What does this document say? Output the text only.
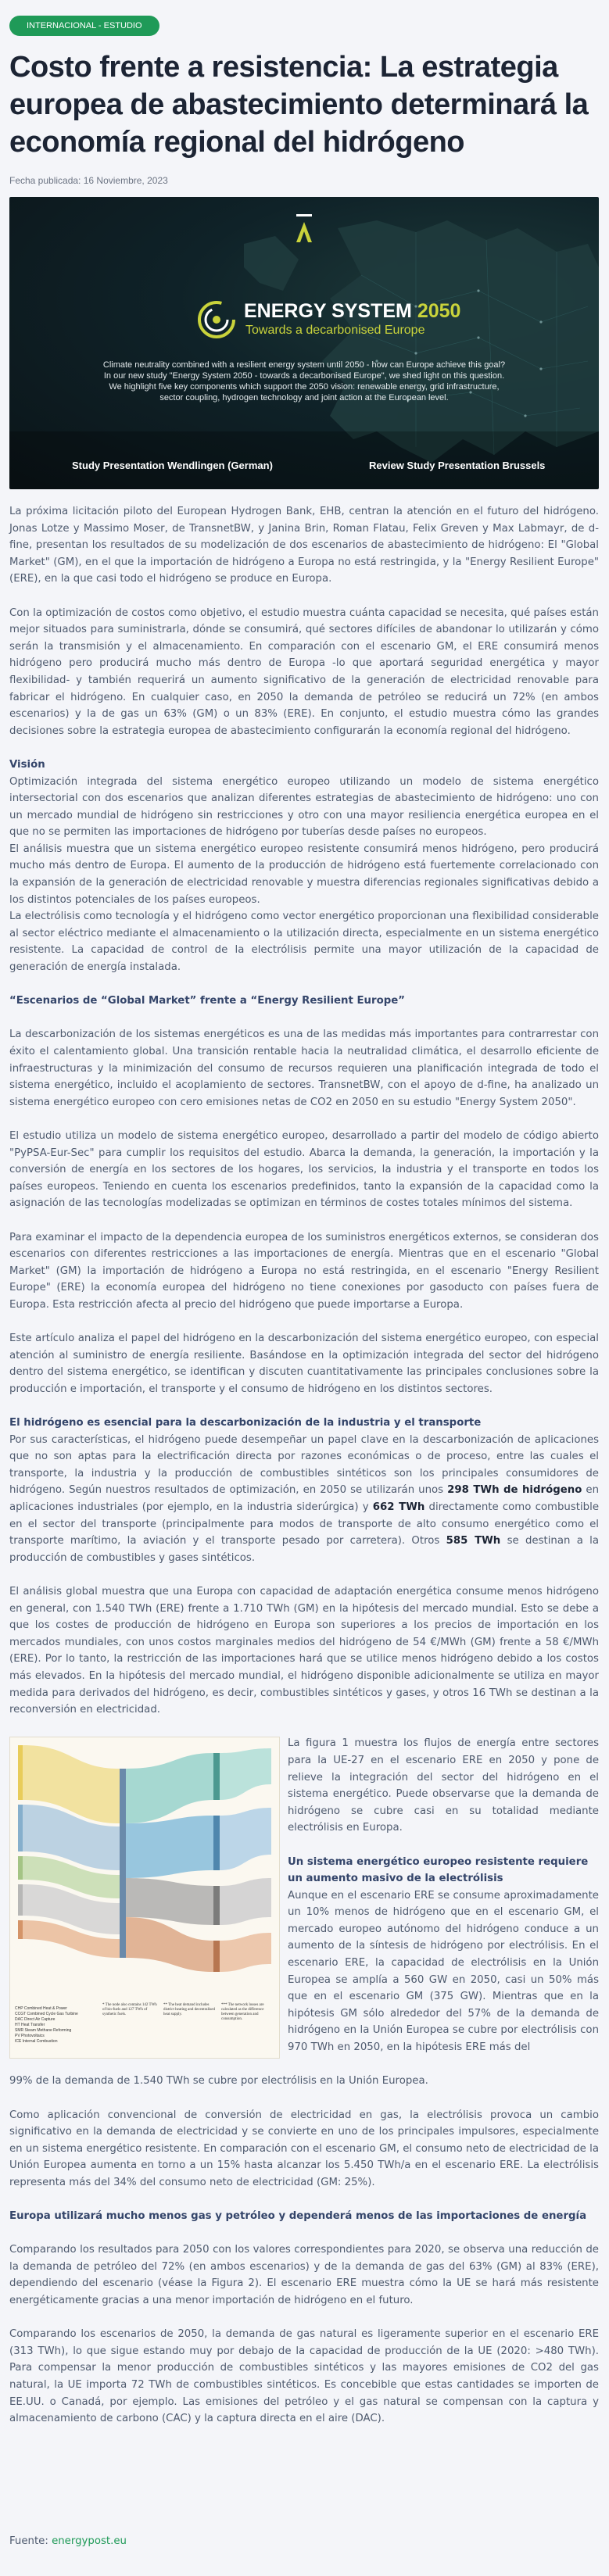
INTERNACIONAL - ESTUDIO
Costo frente a resistencia: La estrategia europea de abastecimiento determinará la economía regional del hidrógeno
Fecha publicada: 16 Noviembre, 2023
ENERGY SYSTEM 2050
Towards a decarbonised Europe
Climate neutrality combined with a resilient energy system until 2050 - how can Europe achieve this goal? In our new study "Energy System 2050 - towards a decarbonised Europe", we shed light on this question. We highlight five key components which support the 2050 vision: renewable energy, grid infrastructure, sector coupling, hydrogen technology and joint action at the European level.
Study Presentation Wendlingen (German)	Review Study Presentation Brussels

La próxima licitación piloto del European Hydrogen Bank, EHB, centran la atención en el futuro del hidrógeno. Jonas Lotze y Massimo Moser, de TransnetBW, y Janina Brin, Roman Flatau, Felix Greven y Max Labmayr, de d-fine, presentan los resultados de su modelización de dos escenarios de abastecimiento de hidrógeno: El "Global Market" (GM), en el que la importación de hidrógeno a Europa no está restringida, y la "Energy Resilient Europe" (ERE), en la que casi todo el hidrógeno se produce en Europa.

Con la optimización de costos como objetivo, el estudio muestra cuánta capacidad se necesita, qué países están mejor situados para suministrarla, dónde se consumirá, qué sectores difíciles de abandonar lo utilizarán y cómo serán la transmisión y el almacenamiento. En comparación con el escenario GM, el ERE consumirá menos hidrógeno pero producirá mucho más dentro de Europa -lo que aportará seguridad energética y mayor flexibilidad- y también requerirá un aumento significativo de la generación de electricidad renovable para fabricar el hidrógeno. En cualquier caso, en 2050 la demanda de petróleo se reducirá un 72% (en ambos escenarios) y la de gas un 63% (GM) o un 83% (ERE). En conjunto, el estudio muestra cómo las grandes decisiones sobre la estrategia europea de abastecimiento configurarán la economía regional del hidrógeno.

Visión

Optimización integrada del sistema energético europeo utilizando un modelo de sistema energético intersectorial con dos escenarios que analizan diferentes estrategias de abastecimiento de hidrógeno: uno con un mercado mundial de hidrógeno sin restricciones y otro con una mayor resiliencia energética europea en el que no se permiten las importaciones de hidrógeno por tuberías desde países no europeos.

El análisis muestra que un sistema energético europeo resistente consumirá menos hidrógeno, pero producirá mucho más dentro de Europa. El aumento de la producción de hidrógeno está fuertemente correlacionado con la expansión de la generación de electricidad renovable y muestra diferencias regionales significativas debido a los distintos potenciales de los países europeos.

La electrólisis como tecnología y el hidrógeno como vector energético proporcionan una flexibilidad considerable al sector eléctrico mediante el almacenamiento o la utilización directa, especialmente en un sistema energético resistente. La capacidad de control de la electrólisis permite una mayor utilización de la capacidad de generación de energía instalada.

“Escenarios de “Global Market” frente a “Energy Resilient Europe”

La descarbonización de los sistemas energéticos es una de las medidas más importantes para contrarrestar con éxito el calentamiento global. Una transición rentable hacia la neutralidad climática, el desarrollo eficiente de infraestructuras y la minimización del consumo de recursos requieren una planificación integrada de todo el sistema energético, incluido el acoplamiento de sectores. TransnetBW, con el apoyo de d-fine, ha analizado un sistema energético europeo con cero emisiones netas de CO2 en 2050 en su estudio "Energy System 2050".

El estudio utiliza un modelo de sistema energético europeo, desarrollado a partir del modelo de código abierto "PyPSA-Eur-Sec" para cumplir los requisitos del estudio. Abarca la demanda, la generación, la importación y la conversión de energía en los sectores de los hogares, los servicios, la industria y el transporte en todos los países europeos. Teniendo en cuenta los escenarios predefinidos, tanto la expansión de la capacidad como la asignación de las tecnologías modelizadas se optimizan en términos de costes totales mínimos del sistema.

Para examinar el impacto de la dependencia europea de los suministros energéticos externos, se consideran dos escenarios con diferentes restricciones a las importaciones de energía. Mientras que en el escenario "Global Market" (GM) la importación de hidrógeno a Europa no está restringida, en el escenario "Energy Resilient Europe" (ERE) la economía europea del hidrógeno no tiene conexiones por gasoducto con países fuera de Europa. Esta restricción afecta al precio del hidrógeno que puede importarse a Europa.

Este artículo analiza el papel del hidrógeno en la descarbonización del sistema energético europeo, con especial atención al suministro de energía resiliente. Basándose en la optimización integrada del sector del hidrógeno dentro del sistema energético, se identifican y discuten cuantitativamente las principales conclusiones sobre la producción e importación, el transporte y el consumo de hidrógeno en los distintos sectores.

El hidrógeno es esencial para la descarbonización de la industria y el transporte

Por sus características, el hidrógeno puede desempeñar un papel clave en la descarbonización de aplicaciones que no son aptas para la electrificación directa por razones económicas o de proceso, entre las cuales el transporte, la industria y la producción de combustibles sintéticos son los principales consumidores de hidrógeno. Según nuestros resultados de optimización, en 2050 se utilizarán unos 298 TWh de hidrógeno en aplicaciones industriales (por ejemplo, en la industria siderúrgica) y 662 TWh directamente como combustible en el sector del transporte (principalmente para modos de transporte de alto consumo energético como el transporte marítimo, la aviación y el transporte pesado por carretera). Otros 585 TWh se destinan a la producción de combustibles y gases sintéticos.

El análisis global muestra que una Europa con capacidad de adaptación energética consume menos hidrógeno en general, con 1.540 TWh (ERE) frente a 1.710 TWh (GM) en la hipótesis del mercado mundial. Esto se debe a que los costes de producción de hidrógeno en Europa son superiores a los precios de importación en los mercados mundiales, con unos costos marginales medios del hidrógeno de 54 €/MWh (GM) frente a 58 €/MWh (ERE). Por lo tanto, la restricción de las importaciones hará que se utilice menos hidrógeno debido a los costos más elevados. En la hipótesis del mercado mundial, el hidrógeno disponible adicionalmente se utiliza en mayor medida para derivados del hidrógeno, es decir, combustibles sintéticos y gases, y otros 16 TWh se destinan a la reconversión en electricidad.

CHP Combined Heat & Power
CCGT Combined Cycle Gas Turbine
DAC Direct Air Capture
HT Heat Transfer
SMR Steam Methane Reforming
PV Photovoltaics
ICE Internal Combustion
* The node also contains 142 TWh of bio-fuels and 127 TWh of synthetic fuels.
** The heat demand includes district heating and decentralised heat supply.
*** The network losses are calculated as the difference between generation and consumption.

La figura 1 muestra los flujos de energía entre sectores para la UE-27 en el escenario ERE en 2050 y pone de relieve la integración del sector del hidrógeno en el sistema energético. Puede observarse que la demanda de hidrógeno se cubre casi en su totalidad mediante electrólisis en Europa.

Un sistema energético europeo resistente requiere un aumento masivo de la electrólisis

Aunque en el escenario ERE se consume aproximadamente un 10% menos de hidrógeno que en el escenario GM, el mercado europeo autónomo del hidrógeno conduce a un aumento de la síntesis de hidrógeno por electrólisis. En el escenario ERE, la capacidad de electrólisis en la Unión Europea se amplía a 560 GW en 2050, casi un 50% más que en el escenario GM (375 GW). Mientras que en la hipótesis GM sólo alrededor del 57% de la demanda de hidrógeno en la Unión Europea se cubre por electrólisis con 970 TWh en 2050, en la hipótesis ERE más del

99% de la demanda de 1.540 TWh se cubre por electrólisis en la Unión Europea.

Como aplicación convencional de conversión de electricidad en gas, la electrólisis provoca un cambio significativo en la demanda de electricidad y se convierte en uno de los principales impulsores, especialmente en un sistema energético resistente. En comparación con el escenario GM, el consumo neto de electricidad de la Unión Europea aumenta en torno a un 15% hasta alcanzar los 5.450 TWh/a en el escenario ERE. La electrólisis representa más del 34% del consumo neto de electricidad (GM: 25%).

Europa utilizará mucho menos gas y petróleo y dependerá menos de las importaciones de energía

Comparando los resultados para 2050 con los valores correspondientes para 2020, se observa una reducción de la demanda de petróleo del 72% (en ambos escenarios) y de la demanda de gas del 63% (GM) al 83% (ERE), dependiendo del escenario (véase la Figura 2). El escenario ERE muestra cómo la UE se hará más resistente energéticamente gracias a una menor importación de hidrógeno en el futuro.

Comparando los escenarios de 2050, la demanda de gas natural es ligeramente superior en el escenario ERE (313 TWh), lo que sigue estando muy por debajo de la capacidad de producción de la UE (2020: >480 TWh). Para compensar la menor producción de combustibles sintéticos y las mayores emisiones de CO2 del gas natural, la UE importa 72 TWh de combustibles sintéticos. Es concebible que estas cantidades se importen de EE.UU. o Canadá, por ejemplo. Las emisiones del petróleo y el gas natural se compensan con la captura y almacenamiento de carbono (CAC) y la captura directa en el aire (DAC).

Fuente: energypost.eu
